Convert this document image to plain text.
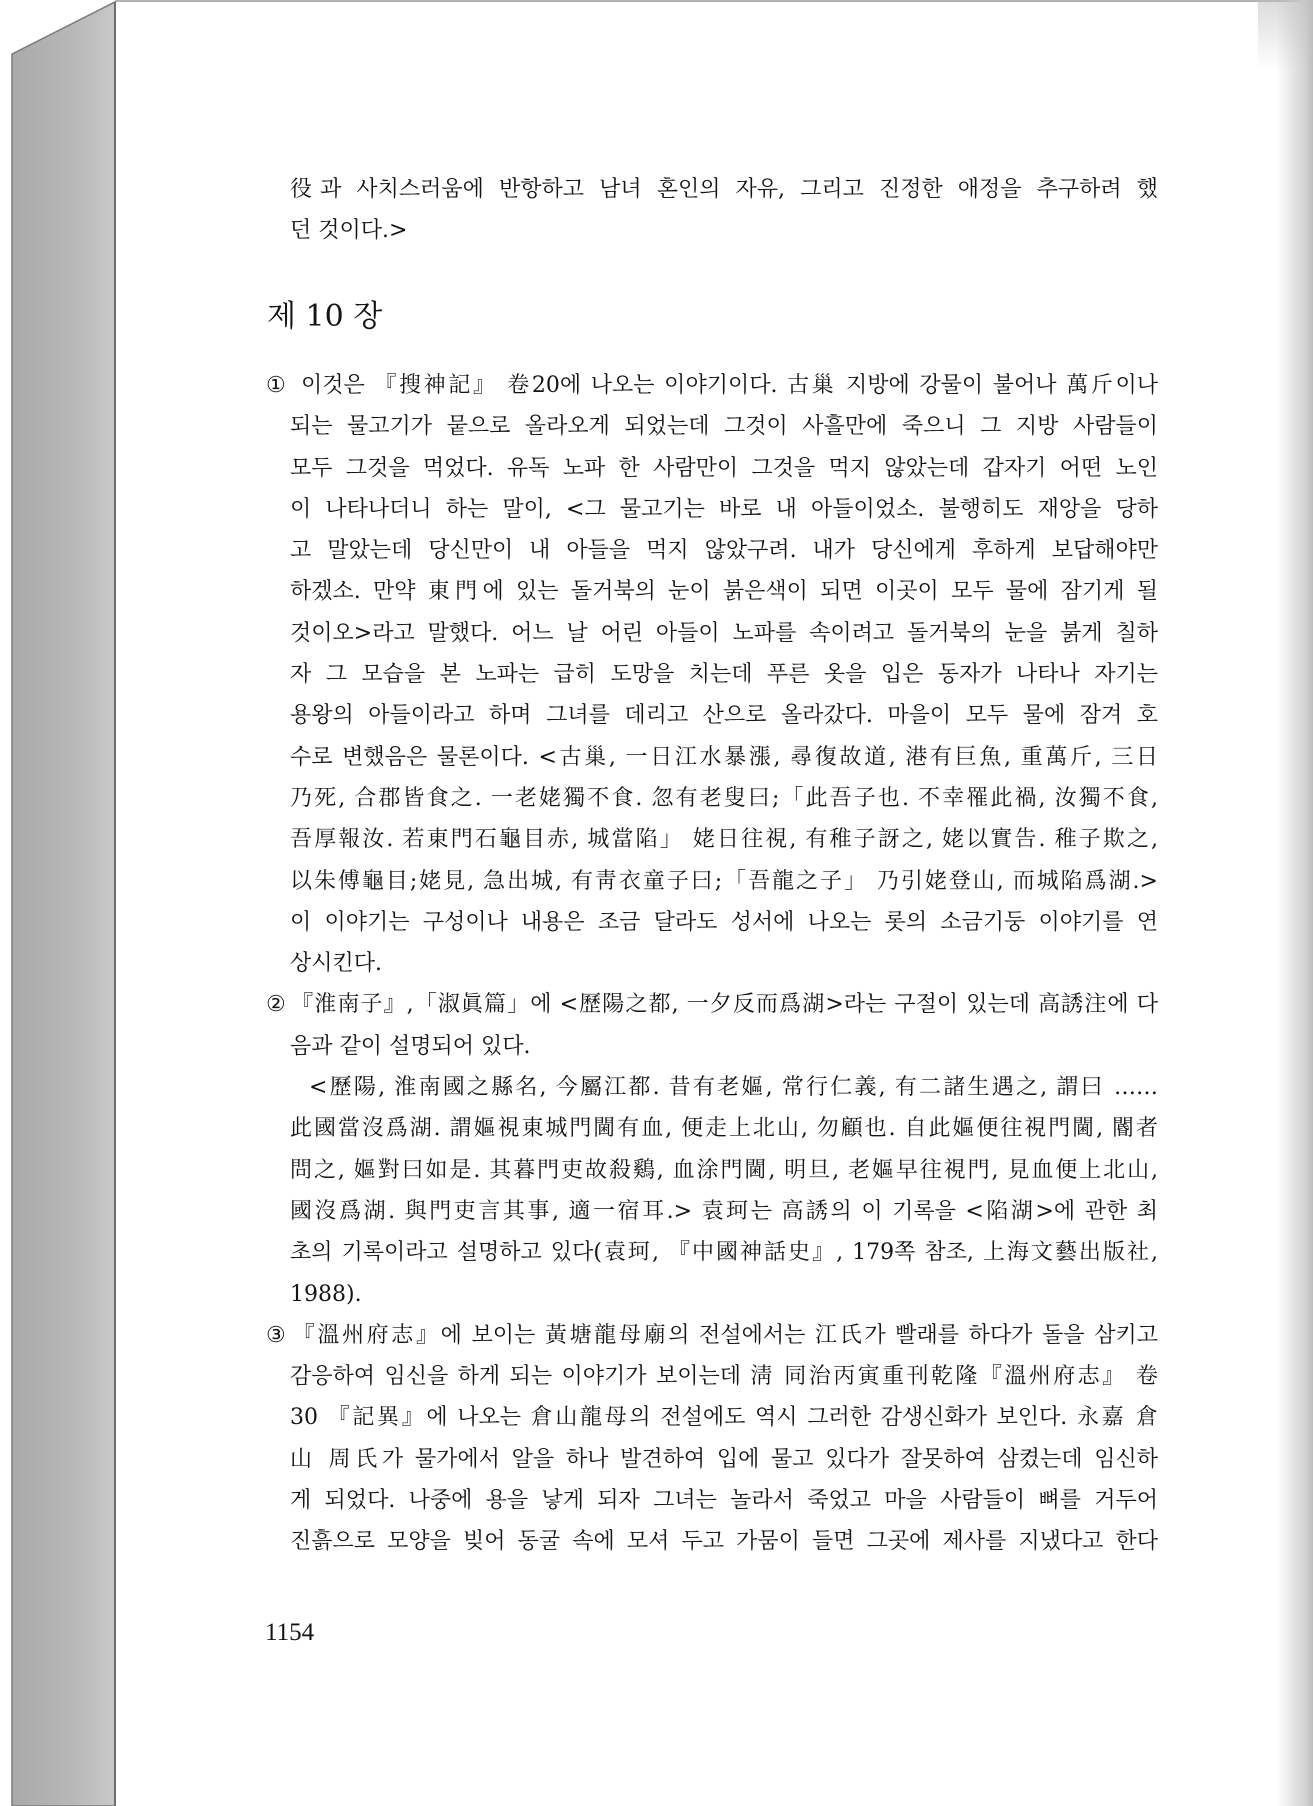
役과 사치스러움에 반항하고 남녀 혼인의 자유, 그리고 진정한 애정을 추구하려 했
던 것이다.>
제 10 장
① 이것은 『搜神記』 卷20에 나오는 이야기이다. 古巢 지방에 강물이 불어나 萬斤이나
되는 물고기가 뭍으로 올라오게 되었는데 그것이 사흘만에 죽으니 그 지방 사람들이
모두 그것을 먹었다. 유독 노파 한 사람만이 그것을 먹지 않았는데 갑자기 어떤 노인
이 나타나더니 하는 말이, <그 물고기는 바로 내 아들이었소. 불행히도 재앙을 당하
고 말았는데 당신만이 내 아들을 먹지 않았구려. 내가 당신에게 후하게 보답해야만
하겠소. 만약 東門에 있는 돌거북의 눈이 붉은색이 되면 이곳이 모두 물에 잠기게 될
것이오>라고 말했다. 어느 날 어린 아들이 노파를 속이려고 돌거북의 눈을 붉게 칠하
자 그 모습을 본 노파는 급히 도망을 치는데 푸른 옷을 입은 동자가 나타나 자기는
용왕의 아들이라고 하며 그녀를 데리고 산으로 올라갔다. 마을이 모두 물에 잠겨 호
수로 변했음은 물론이다. <古巢, 一日江水暴漲, 尋復故道, 港有巨魚, 重萬斤, 三日
乃死, 合郡皆食之. 一老姥獨不食. 忽有老叟曰;「此吾子也. 不幸罹此禍, 汝獨不食,
吾厚報汝. 若東門石龜目赤, 城當陷」 姥日往視, 有稚子訝之, 姥以實告. 稚子欺之,
以朱傅龜目;姥見, 急出城, 有靑衣童子曰;「吾龍之子」 乃引姥登山, 而城陷爲湖.>
이 이야기는 구성이나 내용은 조금 달라도 성서에 나오는 롯의 소금기둥 이야기를 연
상시킨다.
② 『淮南子』,「淑眞篇」에 <歷陽之都, 一夕反而爲湖>라는 구절이 있는데 高誘注에 다
음과 같이 설명되어 있다.
<歷陽, 淮南國之縣名, 今屬江都. 昔有老嫗, 常行仁義, 有二諸生遇之, 謂曰 ……
此國當沒爲湖. 謂嫗視東城門閫有血, 便走上北山, 勿顧也. 自此嫗便往視門閫, 閽者
問之, 嫗對曰如是. 其暮門吏故殺鷄, 血涂門閫, 明旦, 老嫗早往視門, 見血便上北山,
國沒爲湖. 與門吏言其事, 適一宿耳.> 袁珂는 高誘의 이 기록을 <陷湖>에 관한 최
초의 기록이라고 설명하고 있다(袁珂, 『中國神話史』, 179쪽 참조, 上海文藝出版社,
1988).
③ 『溫州府志』에 보이는 黃塘龍母廟의 전설에서는 江氏가 빨래를 하다가 돌을 삼키고
감응하여 임신을 하게 되는 이야기가 보이는데 淸 同治丙寅重刊乾隆『溫州府志』 卷
30 『記異』에 나오는 倉山龍母의 전설에도 역시 그러한 감생신화가 보인다. 永嘉 倉
山 周氏가 물가에서 알을 하나 발견하여 입에 물고 있다가 잘못하여 삼켰는데 임신하
게 되었다. 나중에 용을 낳게 되자 그녀는 놀라서 죽었고 마을 사람들이 뼈를 거두어
진흙으로 모양을 빚어 동굴 속에 모셔 두고 가뭄이 들면 그곳에 제사를 지냈다고 한다
1154
